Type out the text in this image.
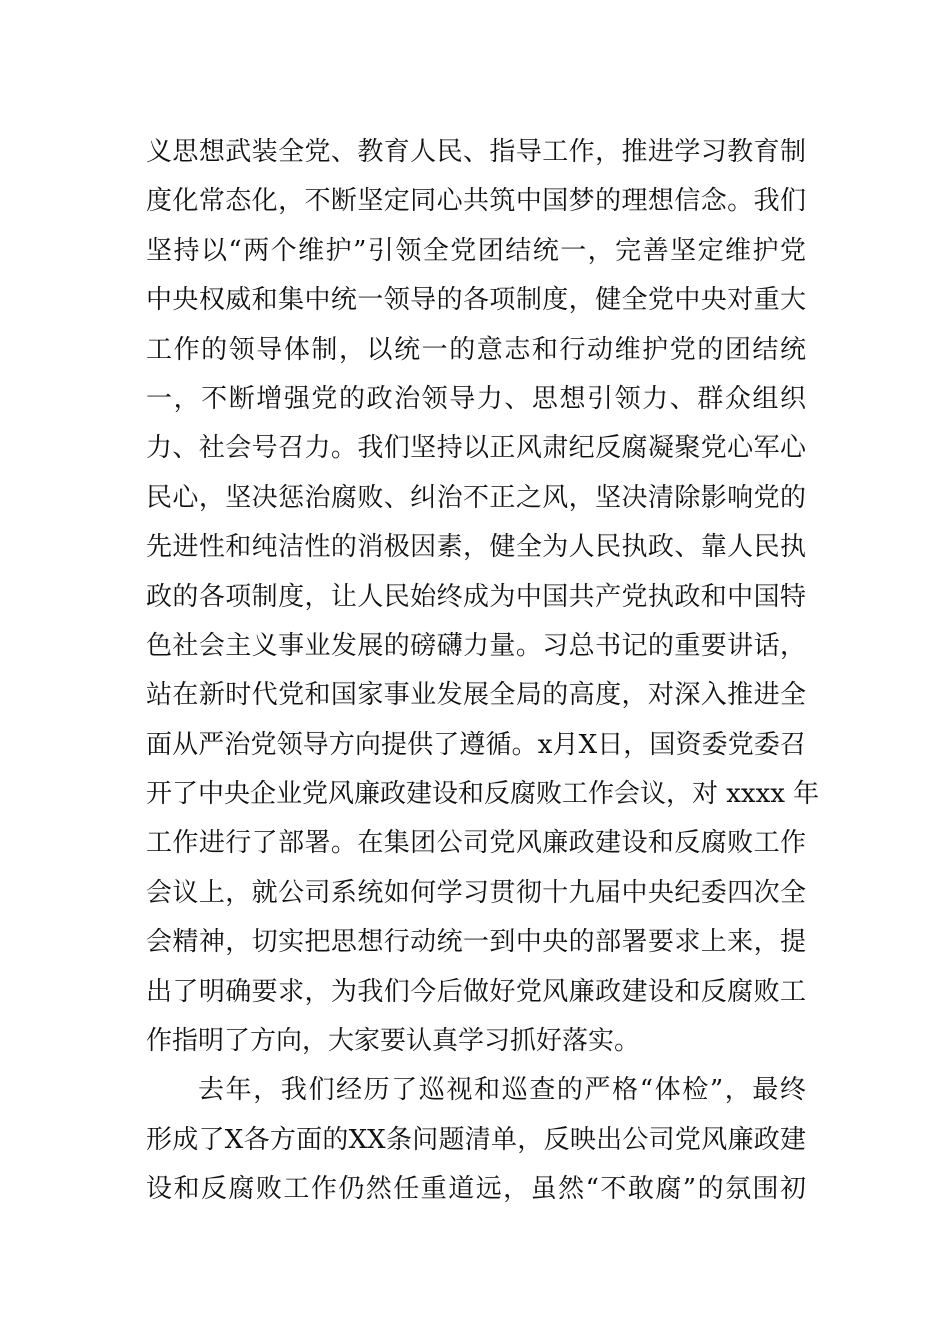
义思想武装全党、教育人民、指导工作，推进学习教育制
度化常态化，不断坚定同心共筑中国梦的理想信念。我们
坚持以“两个维护”引领全党团结统一，完善坚定维护党
中央权威和集中统一领导的各项制度，健全党中央对重大
工作的领导体制，以统一的意志和行动维护党的团结统
一，不断增强党的政治领导力、思想引领力、群众组织
力、社会号召力。我们坚持以正风肃纪反腐凝聚党心军心
民心，坚决惩治腐败、纠治不正之风，坚决清除影响党的
先进性和纯洁性的消极因素，健全为人民执政、靠人民执
政的各项制度，让人民始终成为中国共产党执政和中国特
色社会主义事业发展的磅礴力量。习总书记的重要讲话，
站在新时代党和国家事业发展全局的高度，对深入推进全
面从严治党领导方向提供了遵循。x月X日，国资委党委召
开了中央企业党风廉政建设和反腐败工作会议，对 xxxx 年
工作进行了部署。在集团公司党风廉政建设和反腐败工作
会议上，就公司系统如何学习贯彻十九届中央纪委四次全
会精神，切实把思想行动统一到中央的部署要求上来，提
出了明确要求，为我们今后做好党风廉政建设和反腐败工
作指明了方向，大家要认真学习抓好落实。
去年，我们经历了巡视和巡查的严格“体检”，最终
形成了X各方面的XX条问题清单，反映出公司党风廉政建
设和反腐败工作仍然任重道远，虽然“不敢腐”的氛围初
